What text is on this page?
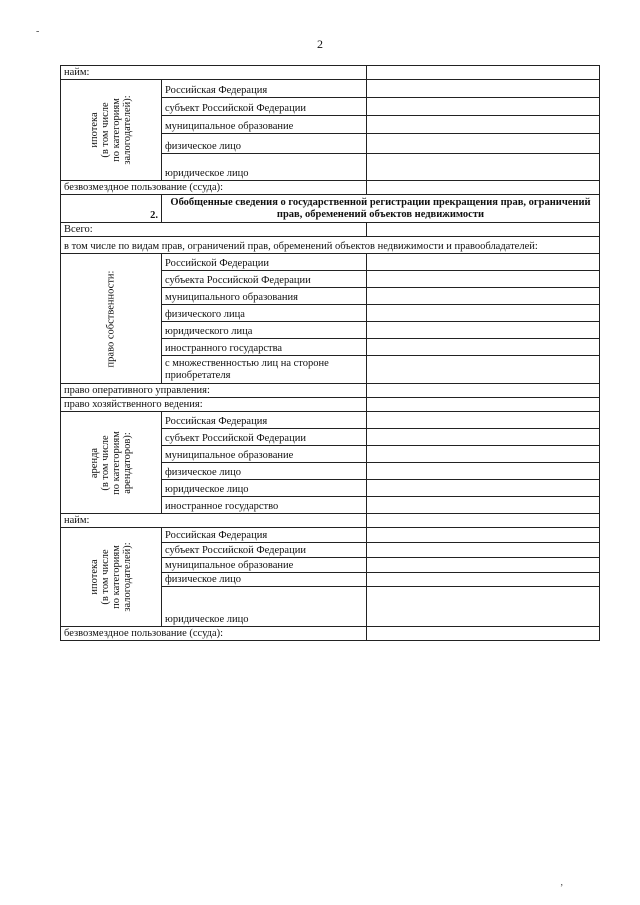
2
-
‚
найм:		

ипотека (в том числе по категориям залогодателей):	Российская Федерация	
	субъект Российской Федерации	
	муниципальное образование	
	физическое лицо	
	юридическое лицо	
безвозмездное пользование (ссуда):		
2.	Обобщенные сведения о государственной регистрации прекращения прав, ограничений прав, обременений объектов недвижимости	
Всего:		
в том числе по видам прав, ограничений прав, обременений объектов недвижимости и правообладателей:		

право собственности:	Российской Федерации	
	субъекта Российской Федерации	
	муниципального образования	
	физического лица	
	юридического лица	
	иностранного государства	
	с множественностью лиц на стороне приобретателя	
право оперативного управления:		
право хозяйственного ведения:		

аренда (в том числе по категориям арендаторов):	Российская Федерация	
	субъект Российской Федерации	
	муниципальное образование	
	физическое лицо	
	юридическое лицо	
	иностранное государство	
найм:		

ипотека (в том числе по категориям залогодателей):	Российская Федерация	
	субъект Российской Федерации	
	муниципальное образование	
	физическое лицо	
	юридическое лицо	
безвозмездное пользование (ссуда):		
